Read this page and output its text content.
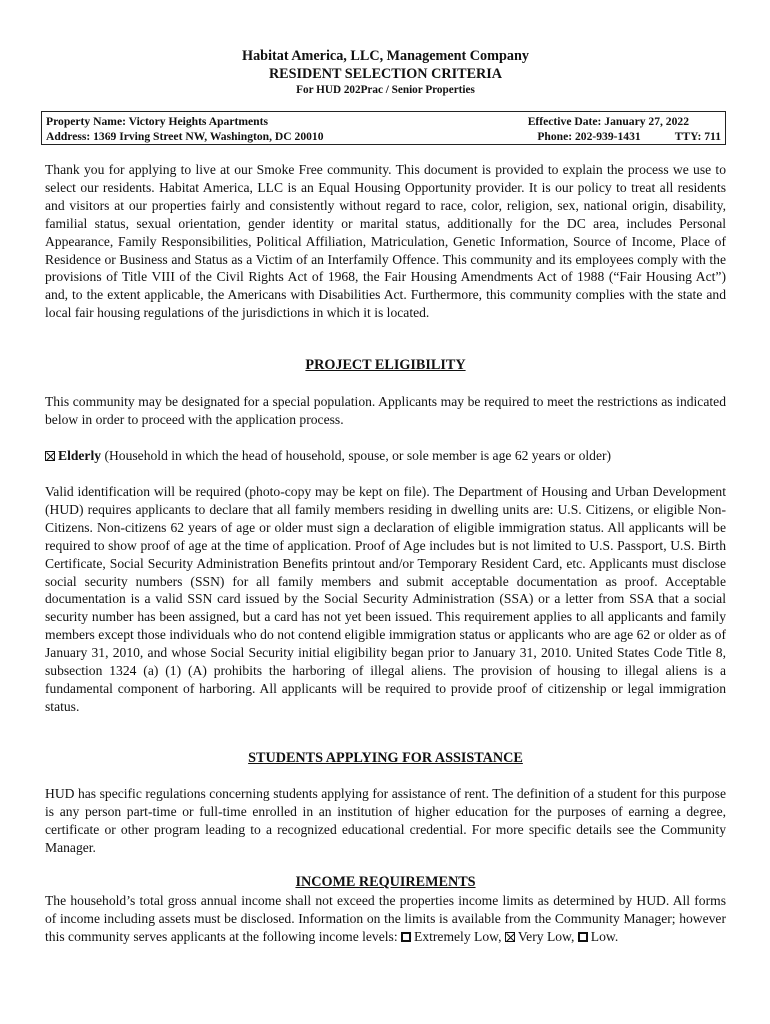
Habitat America, LLC, Management Company
RESIDENT SELECTION CRITERIA
For HUD 202Prac / Senior Properties
Property Name: Victory Heights Apartments
Address: 1369 Irving Street NW, Washington, DC 20010
Effective Date: January 27, 2022
Phone: 202-939-1431	TTY: 711
Thank you for applying to live at our Smoke Free community. This document is provided to explain the process we use to select our residents. Habitat America, LLC is an Equal Housing Opportunity provider. It is our policy to treat all residents and visitors at our properties fairly and consistently without regard to race, color, religion, sex, national origin, disability, familial status, sexual orientation, gender identity or marital status, additionally for the DC area, includes Personal Appearance, Family Responsibilities, Political Affiliation, Matriculation, Genetic Information, Source of Income, Place of Residence or Business and Status as a Victim of an Interfamily Offence. This community and its employees comply with the provisions of Title VIII of the Civil Rights Act of 1968, the Fair Housing Amendments Act of 1988 (“Fair Housing Act”) and, to the extent applicable, the Americans with Disabilities Act. Furthermore, this community complies with the state and local fair housing regulations of the jurisdictions in which it is located.
PROJECT ELIGIBILITY
This community may be designated for a special population. Applicants may be required to meet the restrictions as indicated below in order to proceed with the application process.
Elderly (Household in which the head of household, spouse, or sole member is age 62 years or older)
Valid identification will be required (photo-copy may be kept on file). The Department of Housing and Urban Development (HUD) requires applicants to declare that all family members residing in dwelling units are: U.S. Citizens, or eligible Non-Citizens. Non-citizens 62 years of age or older must sign a declaration of eligible immigration status. All applicants will be required to show proof of age at the time of application. Proof of Age includes but is not limited to U.S. Passport, U.S. Birth Certificate, Social Security Administration Benefits printout and/or Temporary Resident Card, etc. Applicants must disclose social security numbers (SSN) for all family members and submit acceptable documentation as proof. Acceptable documentation is a valid SSN card issued by the Social Security Administration (SSA) or a letter from SSA that a social security number has been assigned, but a card has not yet been issued. This requirement applies to all applicants and family members except those individuals who do not contend eligible immigration status or applicants who are age 62 or older as of January 31, 2010, and whose Social Security initial eligibility began prior to January 31, 2010. United States Code Title 8, subsection 1324 (a) (1) (A) prohibits the harboring of illegal aliens. The provision of housing to illegal aliens is a fundamental component of harboring. All applicants will be required to provide proof of citizenship or legal immigration status.
STUDENTS APPLYING FOR ASSISTANCE
HUD has specific regulations concerning students applying for assistance of rent. The definition of a student for this purpose is any person part-time or full-time enrolled in an institution of higher education for the purposes of earning a degree, certificate or other program leading to a recognized educational credential. For more specific details see the Community Manager.
INCOME REQUIREMENTS
The household’s total gross annual income shall not exceed the properties income limits as determined by HUD. All forms of income including assets must be disclosed. Information on the limits is available from the Community Manager; however this community serves applicants at the following income levels: Extremely Low, Very Low, Low.
